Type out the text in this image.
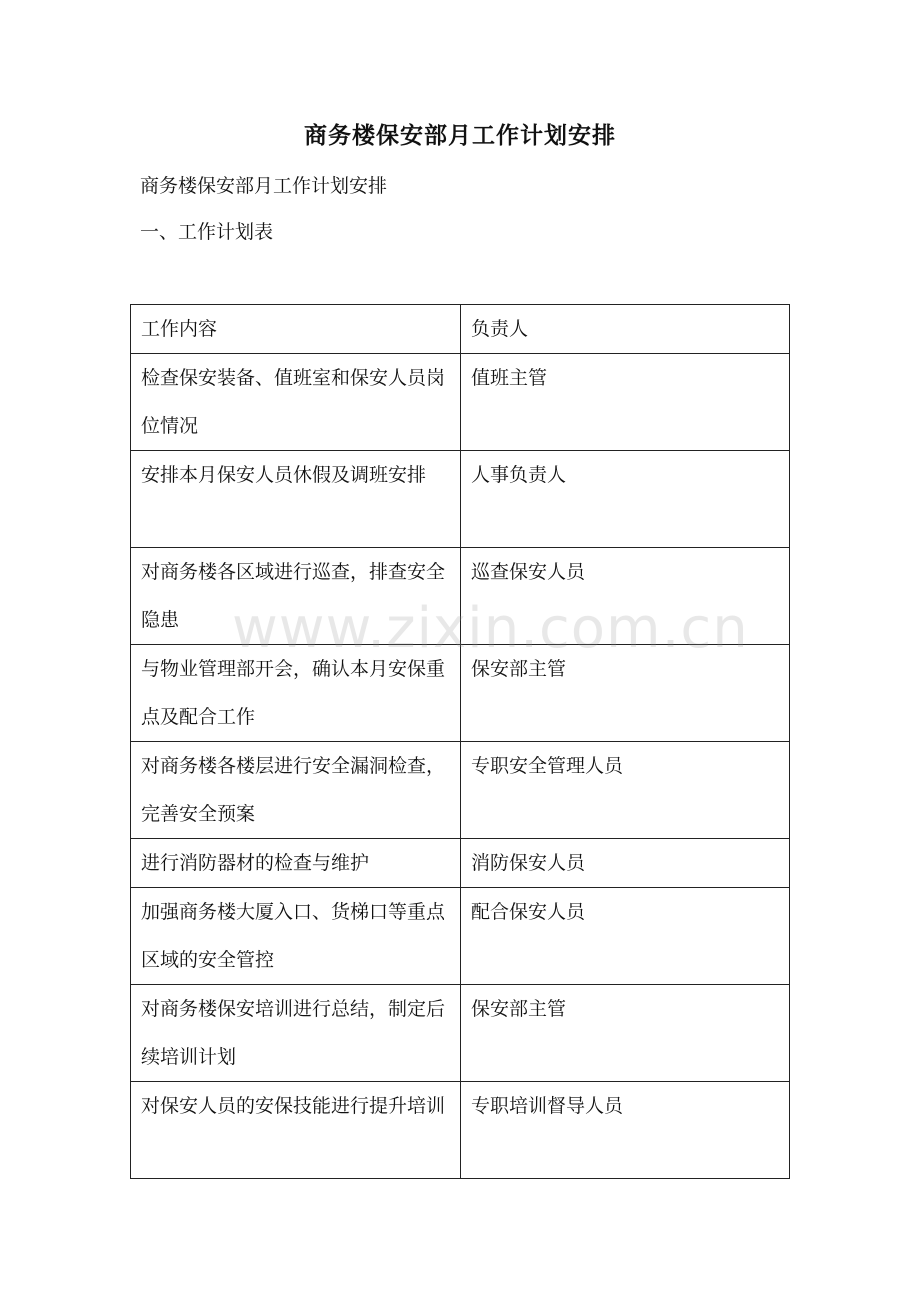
商务楼保安部月工作计划安排
商务楼保安部月工作计划安排
一、工作计划表
工作内容	负责人
检查保安装备、值班室和保安人员岗位情况	值班主管
安排本月保安人员休假及调班安排	人事负责人
对商务楼各区域进行巡查，排查安全隐患	巡查保安人员
与物业管理部开会，确认本月安保重点及配合工作	保安部主管
对商务楼各楼层进行安全漏洞检查，完善安全预案	专职安全管理人员
进行消防器材的检查与维护	消防保安人员
加强商务楼大厦入口、货梯口等重点区域的安全管控	配合保安人员
对商务楼保安培训进行总结，制定后续培训计划	保安部主管
对保安人员的安保技能进行提升培训	专职培训督导人员
www.zixin.com.cn
